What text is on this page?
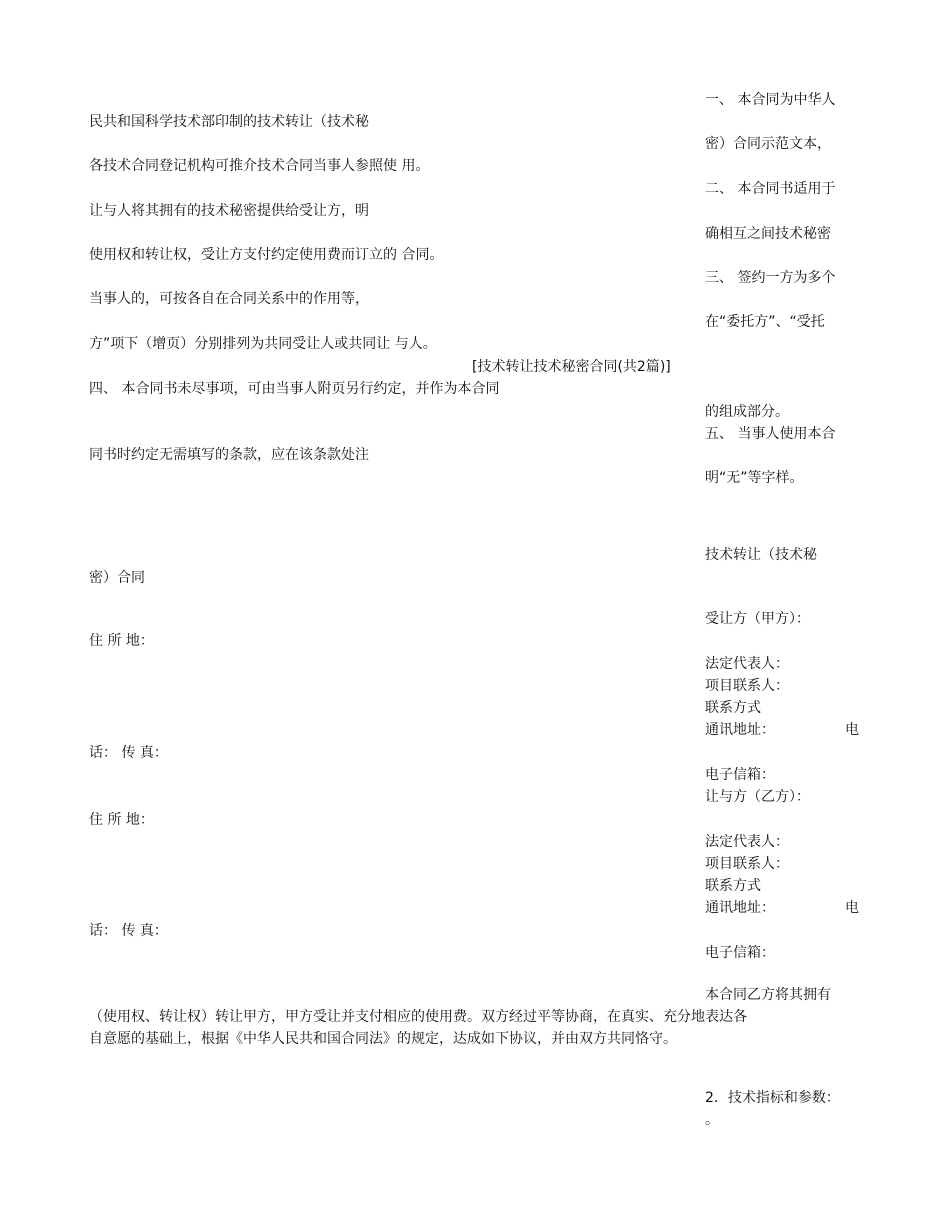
一、 本合同为中华人
密）合同示范文本，
二、 本合同书适用于
确相互之间技术秘密
三、 签约一方为多个
在“委托方”、“受托
的组成部分。
五、 当事人使用本合
明“无”等字样。
技术转让（技术秘
受让方（甲方）：
法定代表人：
项目联系人：
联系方式
通讯地址：	电
电子信箱：
让与方（乙方）：
法定代表人：
项目联系人：
联系方式
通讯地址：	电
电子信箱：
本合同乙方将其拥有
2．技术指标和参数：
。
民共和国科学技术部印制的技术转让（技术秘
各技术合同登记机构可推介技术合同当事人参照使 用。
让与人将其拥有的技术秘密提供给受让方，明
使用权和转让权，受让方支付约定使用费而订立的 合同。
当事人的，可按各自在合同关系中的作用等，
方”项下（增页）分别排列为共同受让人或共同让 与人。
四、 本合同书未尽事项，可由当事人附页另行约定，并作为本合同
同书时约定无需填写的条款，应在该条款处注
密）合同
住 所 地：
话： 传 真：
住 所 地：
话： 传 真：
（使用权、转让权）转让甲方，甲方受让并支付相应的使用费。双方经过平等协商，在真实、充分地表达各
自意愿的基础上，根据《中华人民共和国合同法》的规定，达成如下协议，并由双方共同恪守。
[技术转让技术秘密合同(共2篇)]
